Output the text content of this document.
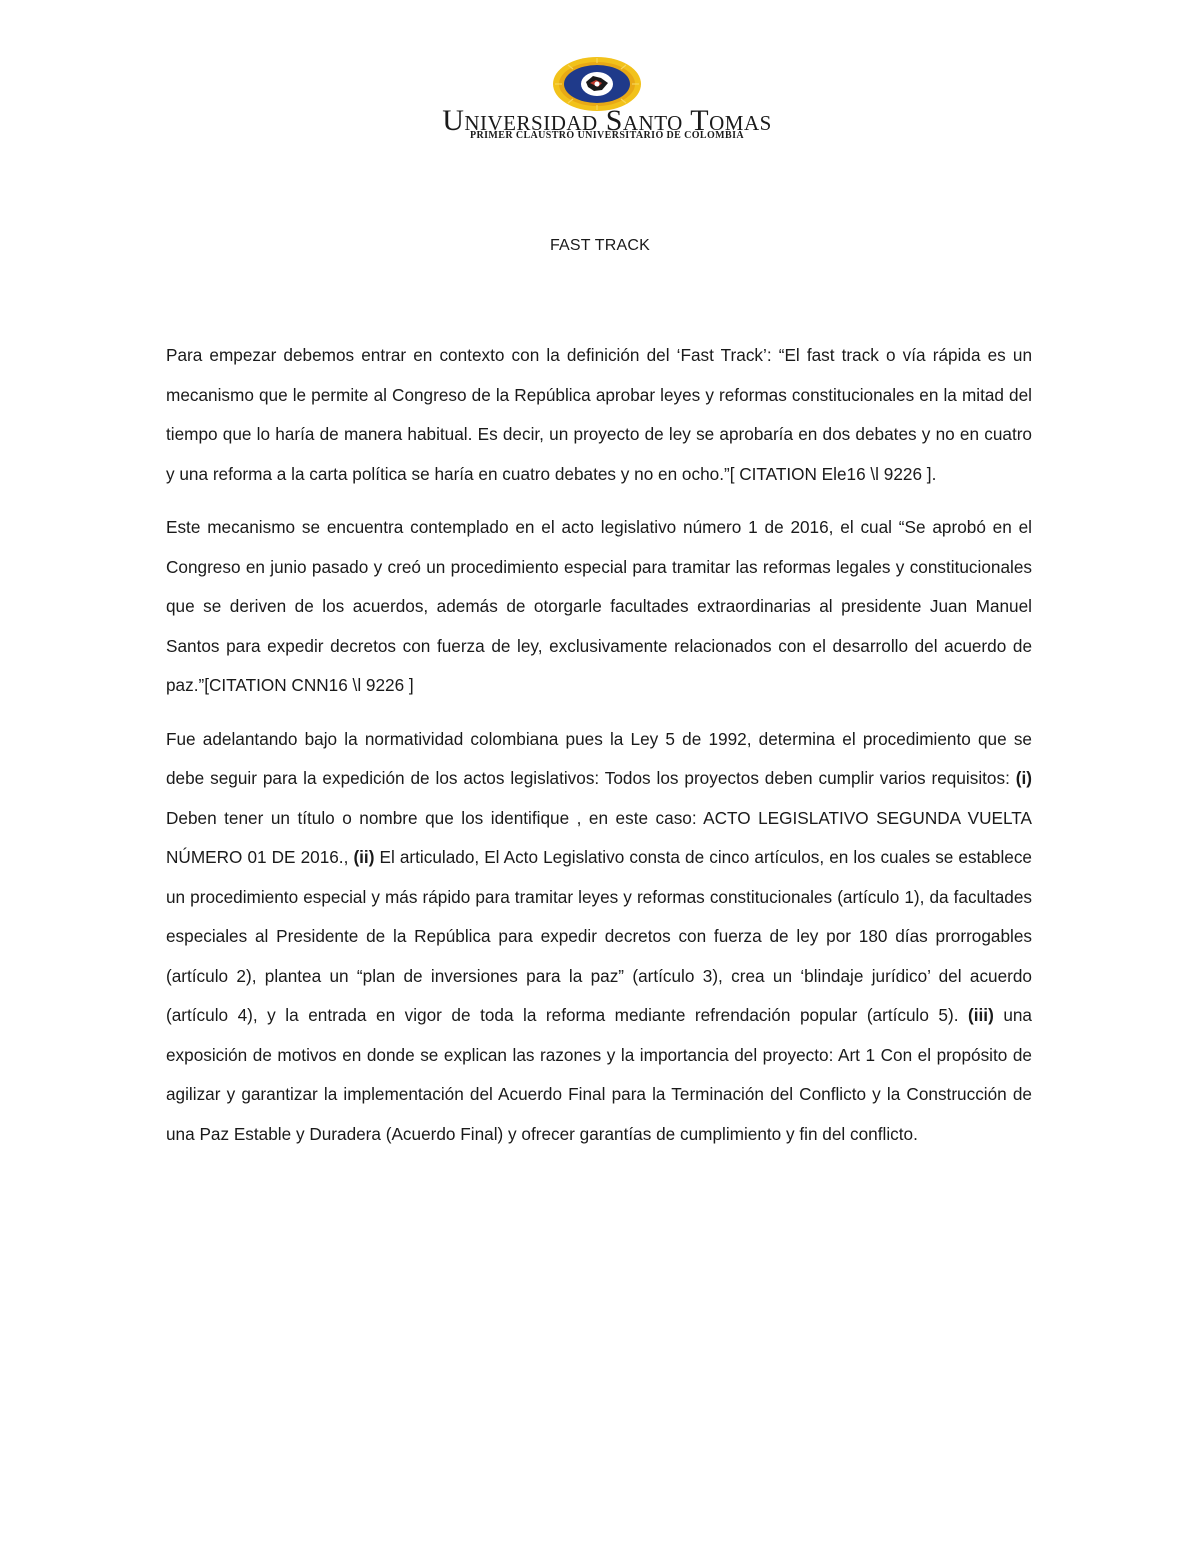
Universidad Santo Tomas
PRIMER CLAUSTRO UNIVERSITARIO DE COLOMBIA
FAST TRACK

Para empezar debemos entrar en contexto con la definición del ‘Fast Track’: “El fast track o vía rápida es un mecanismo que le permite al Congreso de la República aprobar leyes y reformas constitucionales en la mitad del tiempo que lo haría de manera habitual. Es decir, un proyecto de ley se aprobaría en dos debates y no en cuatro y una reforma a la carta política se haría en cuatro debates y no en ocho.”[ CITATION Ele16 \l 9226 ].

Este mecanismo se encuentra contemplado en el acto legislativo número 1 de 2016, el cual “Se aprobó en el Congreso en junio pasado y creó un procedimiento especial para tramitar las reformas legales y constitucionales que se deriven de los acuerdos, además de otorgarle facultades extraordinarias al presidente Juan Manuel Santos para expedir decretos con fuerza de ley, exclusivamente relacionados con el desarrollo del acuerdo de paz.”[CITATION CNN16 \l 9226 ]

Fue adelantando bajo la normatividad colombiana pues la Ley 5 de 1992, determina el procedimiento que se debe seguir para la expedición de los actos legislativos: Todos los proyectos deben cumplir varios requisitos: (i) Deben tener un título o nombre que los identifique , en este caso: ACTO LEGISLATIVO SEGUNDA VUELTA NÚMERO 01 DE 2016., (ii) El articulado, El Acto Legislativo consta de cinco artículos, en los cuales se establece un procedimiento especial y más rápido para tramitar leyes y reformas constitucionales (artículo 1), da facultades especiales al Presidente de la República para expedir decretos con fuerza de ley por 180 días prorrogables (artículo 2), plantea un “plan de inversiones para la paz” (artículo 3), crea un ‘blindaje jurídico’ del acuerdo (artículo 4), y la entrada en vigor de toda la reforma mediante refrendación popular (artículo 5). (iii) una exposición de motivos en donde se explican las razones y la importancia del proyecto: Art 1 Con el propósito de agilizar y garantizar la implementación del Acuerdo Final para la Terminación del Conflicto y la Construcción de una Paz Estable y Duradera (Acuerdo Final) y ofrecer garantías de cumplimiento y fin del conflicto.
